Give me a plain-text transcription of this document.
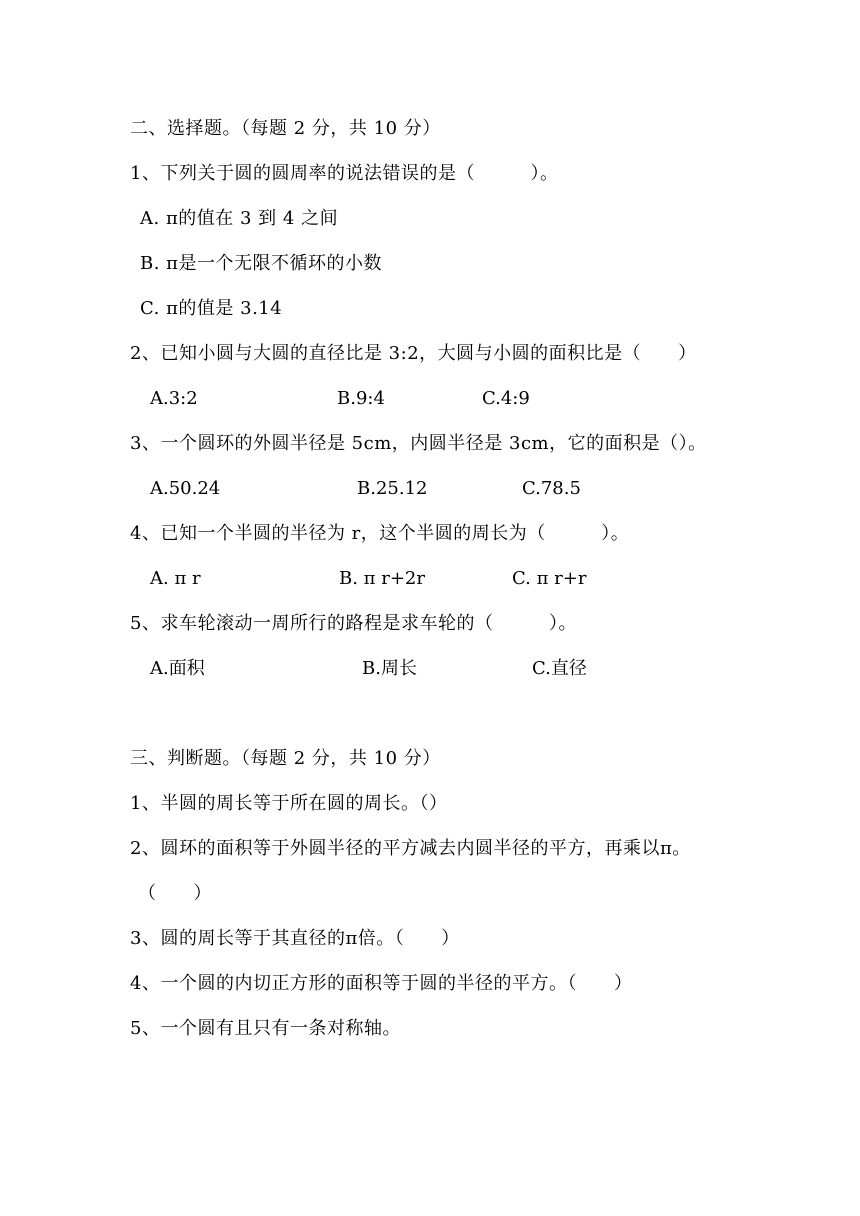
二、选择题。（每题 2 分，共 10 分）
1、下列关于圆的圆周率的说法错误的是（　　　）。
A. π的值在 3 到 4 之间
B. π是一个无限不循环的小数
C. π的值是 3.14
2、已知小圆与大圆的直径比是 3:2，大圆与小圆的面积比是（　　）
A.3:2	B.9:4	C.4:9
3、一个圆环的外圆半径是 5cm，内圆半径是 3cm，它的面积是（）。
A.50.24	B.25.12	C.78.5
4、已知一个半圆的半径为 r，这个半圆的周长为（　　　）。
A. π r	B. π r+2r	C. π r+r
5、求车轮滚动一周所行的路程是求车轮的（　　　）。
A.面积	B.周长	C.直径
三、判断题。（每题 2 分，共 10 分）
1、半圆的周长等于所在圆的周长。（）
2、圆环的面积等于外圆半径的平方减去内圆半径的平方，再乘以π。
（　　）
3、圆的周长等于其直径的π倍。（　　）
4、一个圆的内切正方形的面积等于圆的半径的平方。（　　）
5、一个圆有且只有一条对称轴。
